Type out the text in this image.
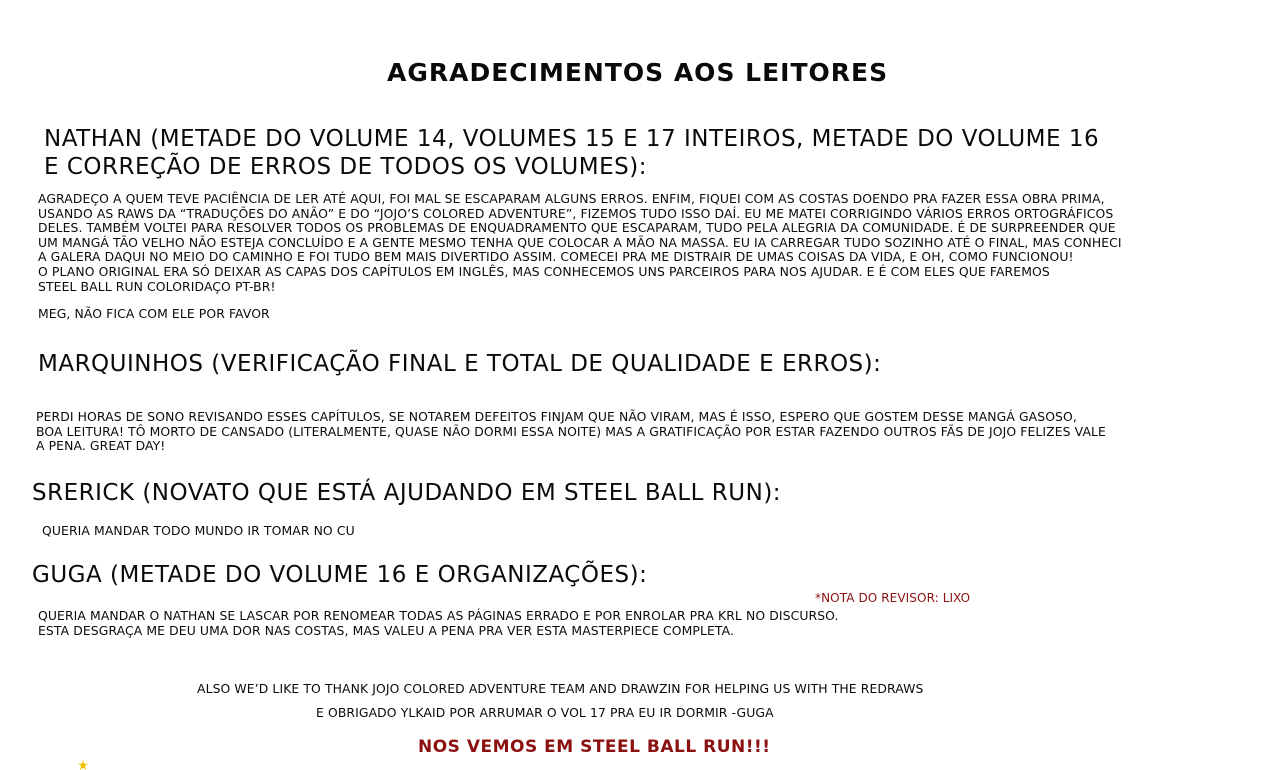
AGRADECIMENTOS AOS LEITORES
NATHAN (METADE DO VOLUME 14, VOLUMES 15 E 17 INTEIROS, METADE DO VOLUME 16
E CORREÇÃO DE ERROS DE TODOS OS VOLUMES):
AGRADEÇO A QUEM TEVE PACIÊNCIA DE LER ATÉ AQUI, FOI MAL SE ESCAPARAM ALGUNS ERROS. ENFIM, FIQUEI COM AS COSTAS DOENDO PRA FAZER ESSA OBRA PRIMA,
USANDO AS RAWS DA “TRADUÇÕES DO ANÃO” E DO “JOJO’S COLORED ADVENTURE”, FIZEMOS TUDO ISSO DAÍ. EU ME MATEI CORRIGINDO VÁRIOS ERROS ORTOGRÁFICOS
DELES. TAMBÉM VOLTEI PARA RESOLVER TODOS OS PROBLEMAS DE ENQUADRAMENTO QUE ESCAPARAM, TUDO PELA ALEGRIA DA COMUNIDADE. É DE SURPREENDER QUE
UM MANGÁ TÃO VELHO NÃO ESTEJA CONCLUÍDO E A GENTE MESMO TENHA QUE COLOCAR A MÃO NA MASSA. EU IA CARREGAR TUDO SOZINHO ATÉ O FINAL, MAS CONHECI
A GALERA DAQUI NO MEIO DO CAMINHO E FOI TUDO BEM MAIS DIVERTIDO ASSIM. COMECEI PRA ME DISTRAIR DE UMAS COISAS DA VIDA, E OH, COMO FUNCIONOU!
O PLANO ORIGINAL ERA SÓ DEIXAR AS CAPAS DOS CAPÍTULOS EM INGLÊS, MAS CONHECEMOS UNS PARCEIROS PARA NOS AJUDAR. E É COM ELES QUE FAREMOS
STEEL BALL RUN COLORIDAÇO PT-BR!
MEG, NÃO FICA COM ELE POR FAVOR
MARQUINHOS (VERIFICAÇÃO FINAL E TOTAL DE QUALIDADE E ERROS):
PERDI HORAS DE SONO REVISANDO ESSES CAPÍTULOS, SE NOTAREM DEFEITOS FINJAM QUE NÃO VIRAM, MAS É ISSO, ESPERO QUE GOSTEM DESSE MANGÁ GASOSO,
BOA LEITURA! TÔ MORTO DE CANSADO (LITERALMENTE, QUASE NÃO DORMI ESSA NOITE) MAS A GRATIFICAÇÃO POR ESTAR FAZENDO OUTROS FÃS DE JOJO FELIZES VALE
A PENA. GREAT DAY!
SRERICK (NOVATO QUE ESTÁ AJUDANDO EM STEEL BALL RUN):
QUERIA MANDAR TODO MUNDO IR TOMAR NO CU
GUGA (METADE DO VOLUME 16 E ORGANIZAÇÕES):
*NOTA DO REVISOR: LIXO
QUERIA MANDAR O NATHAN SE LASCAR POR RENOMEAR TODAS AS PÁGINAS ERRADO E POR ENROLAR PRA KRL NO DISCURSO.
ESTA DESGRAÇA ME DEU UMA DOR NAS COSTAS, MAS VALEU A PENA PRA VER ESTA MASTERPIECE COMPLETA.
ALSO WE’D LIKE TO THANK JOJO COLORED ADVENTURE TEAM AND DRAWZIN FOR HELPING US WITH THE REDRAWS
E OBRIGADO YLKAID POR ARRUMAR O VOL 17 PRA EU IR DORMIR -GUGA
NOS VEMOS EM STEEL BALL RUN!!!
